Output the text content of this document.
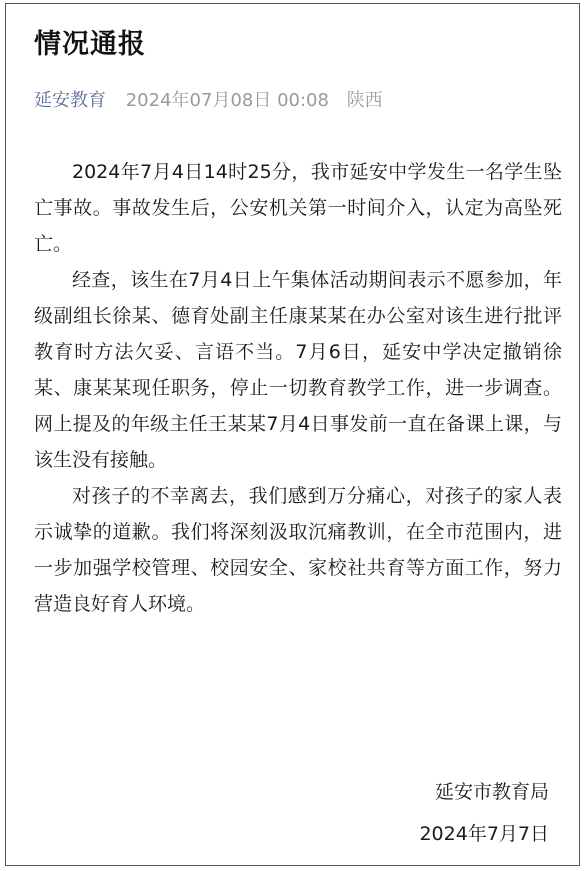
情况通报
延安教育 2024年07月08日 00:08 陕西

2024年7月4日14时25分，我市延安中学发生一名学生坠亡事故。事故发生后，公安机关第一时间介入，认定为高坠死亡。

经查，该生在7月4日上午集体活动期间表示不愿参加，年级副组长徐某、德育处副主任康某某在办公室对该生进行批评教育时方法欠妥、言语不当。7月6日，延安中学决定撤销徐某、康某某现任职务，停止一切教育教学工作，进一步调查。网上提及的年级主任王某某7月4日事发前一直在备课上课，与该生没有接触。

对孩子的不幸离去，我们感到万分痛心，对孩子的家人表示诚挚的道歉。我们将深刻汲取沉痛教训，在全市范围内，进一步加强学校管理、校园安全、家校社共育等方面工作，努力营造良好育人环境。

延安市教育局
2024年7月7日
